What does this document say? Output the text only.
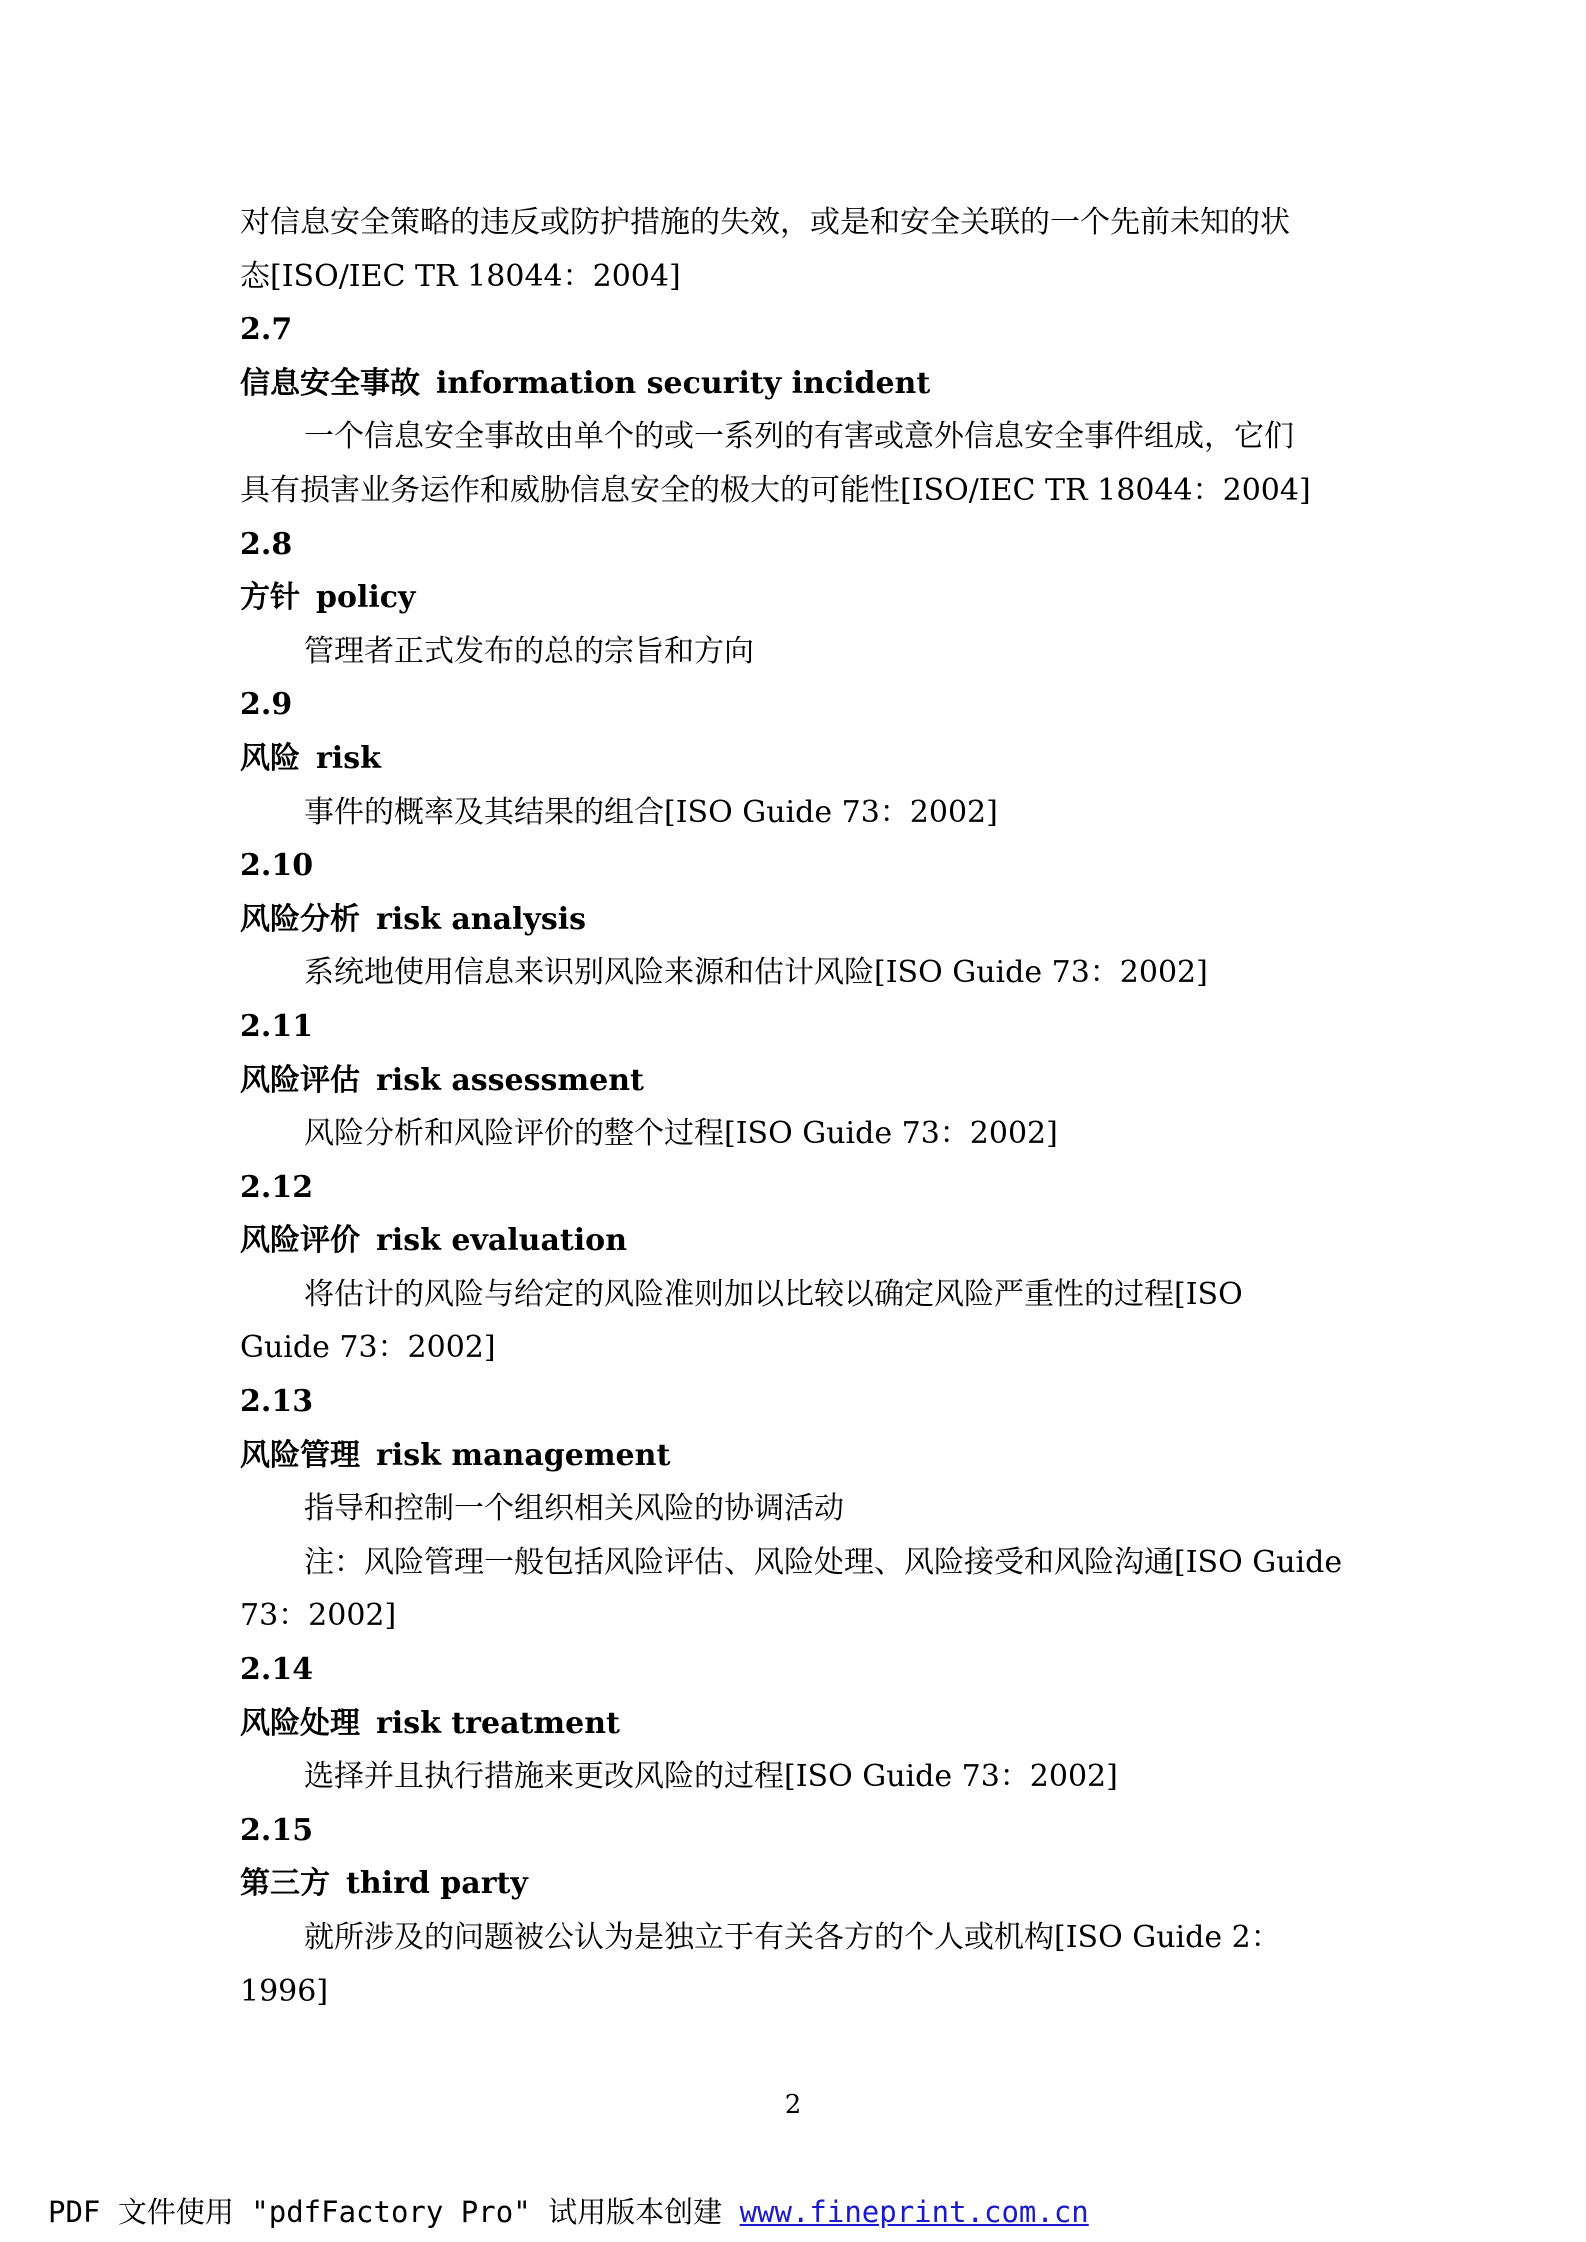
对信息安全策略的违反或防护措施的失效，或是和安全关联的一个先前未知的状
态[ISO/IEC TR 18044：2004]
2.7
信息安全事故 information security incident
一个信息安全事故由单个的或一系列的有害或意外信息安全事件组成，它们
具有损害业务运作和威胁信息安全的极大的可能性[ISO/IEC TR 18044：2004]
2.8
方针 policy
管理者正式发布的总的宗旨和方向
2.9
风险 risk
事件的概率及其结果的组合[ISO Guide 73：2002]
2.10
风险分析 risk analysis
系统地使用信息来识别风险来源和估计风险[ISO Guide 73：2002]
2.11
风险评估 risk assessment
风险分析和风险评价的整个过程[ISO Guide 73：2002]
2.12
风险评价 risk evaluation
将估计的风险与给定的风险准则加以比较以确定风险严重性的过程[ISO
Guide 73：2002]
2.13
风险管理 risk management
指导和控制一个组织相关风险的协调活动
注：风险管理一般包括风险评估、风险处理、风险接受和风险沟通[ISO Guide
73：2002]
2.14
风险处理 risk treatment
选择并且执行措施来更改风险的过程[ISO Guide 73：2002]
2.15
第三方 third party
就所涉及的问题被公认为是独立于有关各方的个人或机构[ISO Guide 2：
1996]
2
PDF 文件使用 "pdfFactory Pro" 试用版本创建 www.fineprint.com.cn
